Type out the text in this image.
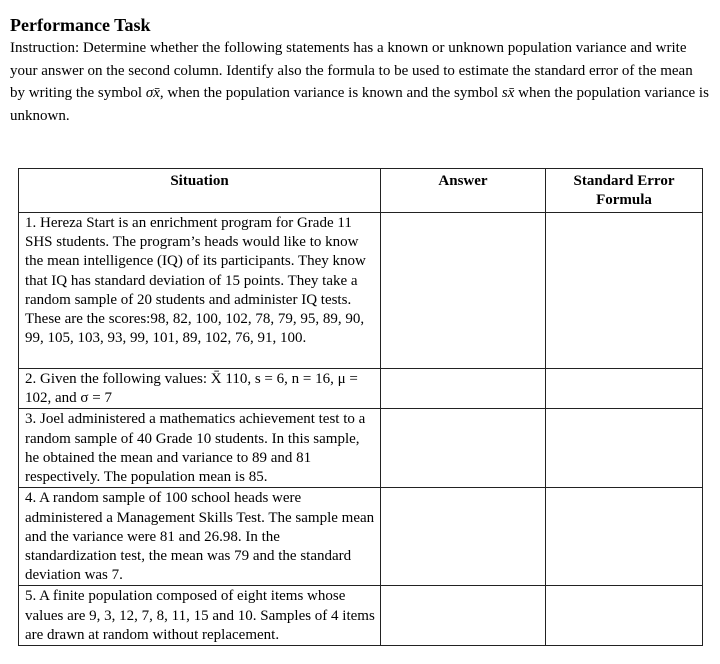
Performance Task
Instruction: Determine whether the following statements has a known or unknown population variance and write your answer on the second column. Identify also the formula to be used to estimate the standard error of the mean by writing the symbol σx̄, when the population variance is known and the symbol sx̄ when the population variance is unknown.
Situation	Answer	Standard Error Formula
1. Hereza Start is an enrichment program for Grade 11 SHS students. The program’s heads would like to know the mean intelligence (IQ) of its participants. They know that IQ has standard deviation of 15 points. They take a random sample of 20 students and administer IQ tests. These are the scores:98, 82, 100, 102, 78, 79, 95, 89, 90, 99, 105, 103, 93, 99, 101, 89, 102, 76, 91, 100.		
2. Given the following values: X̄ 110, s = 6, n = 16, μ = 102, and σ = 7		
3. Joel administered a mathematics achievement test to a random sample of 40 Grade 10 students. In this sample, he obtained the mean and variance to 89 and 81 respectively. The population mean is 85.		
4. A random sample of 100 school heads were administered a Management Skills Test. The sample mean and the variance were 81 and 26.98. In the standardization test, the mean was 79 and the standard deviation was 7.		
5. A finite population composed of eight items whose values are 9, 3, 12, 7, 8, 11, 15 and 10. Samples of 4 items are drawn at random without replacement.		
